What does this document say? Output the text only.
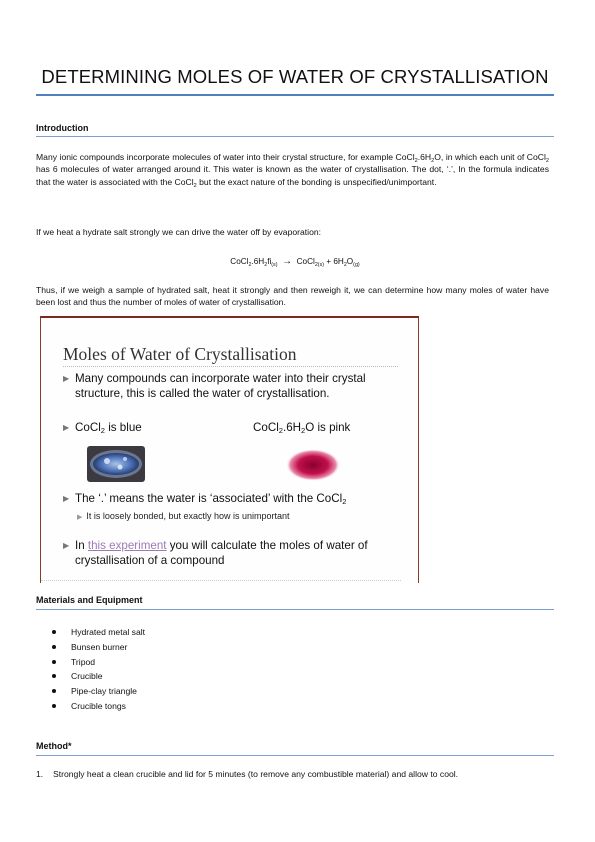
DETERMINING MOLES OF WATER OF CRYSTALLISATION
Introduction
Many ionic compounds incorporate molecules of water into their crystal structure, for example $CoCl_2.6H_2O$, in which each unit of CoCl$_2$ has 6 molecules of water arranged around it. This water is known as the water of crystallisation. The dot, ‘.’, In the formula indicates that the water is associated with the CoCl$_2$ but the exact nature of the bonding is unspecified/unimportant.
If we heat a hydrate salt strongly we can drive the water off by evaporation:
$CoCl_2.6H_2fi_{(s)}$ → CoCl$_{2(s)}$ + $6H_2O_{(g)}$
Thus, if we weigh a sample of hydrated salt, heat it strongly and then reweigh it, we can determine how many moles of water have been lost and thus the number of moles of water of crystallisation.
Moles of Water of Crystallisation
▶ Many compounds can incorporate water into their crystal structure, this is called the water of crystallisation.
▶ CoCl$_2$ is blue	$CoCl_2.6H_2O$ is pink
▶ The ‘.’ means the water is ‘associated’ with the CoCl$_2$
▶ It is loosely bonded, but exactly how is unimportant
▶ In this experiment you will calculate the moles of water of crystallisation of a compound
Materials and Equipment
Hydrated metal salt
Bunsen burner
Tripod
Crucible
Pipe-clay triangle
Crucible tongs
Method*
1. Strongly heat a clean crucible and lid for 5 minutes (to remove any combustible material) and allow to cool.
